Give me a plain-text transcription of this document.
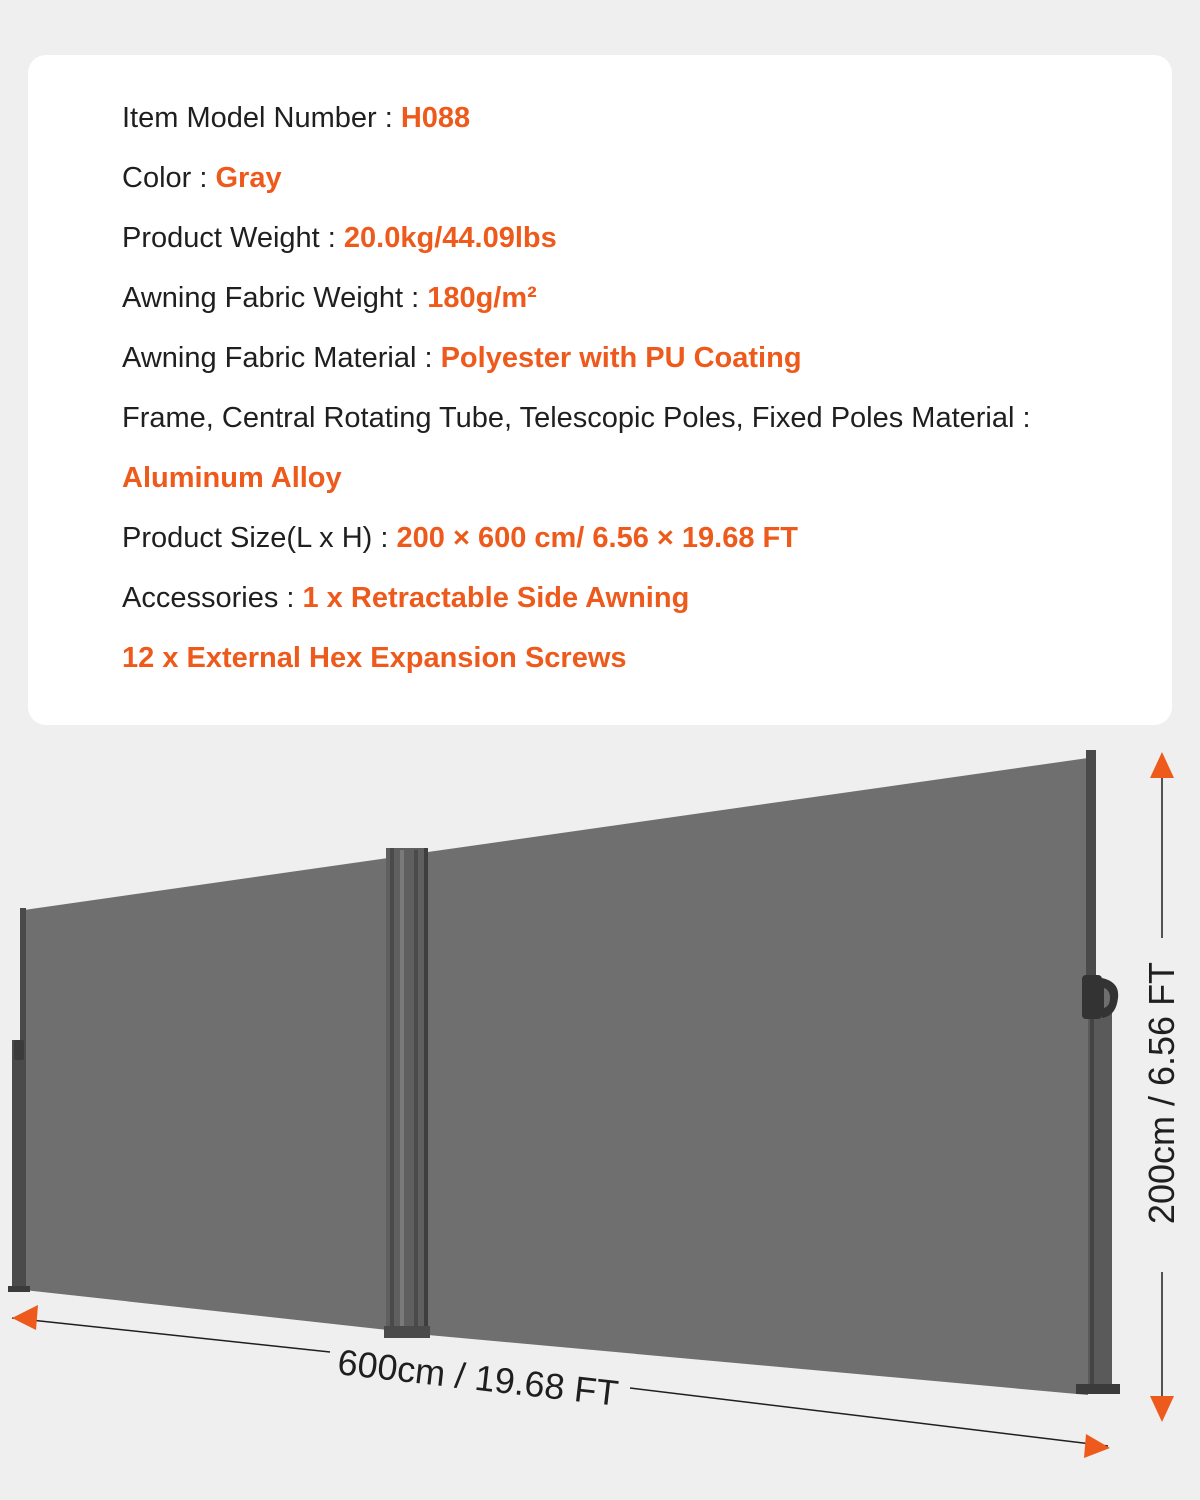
Item Model Number : H088
Color : Gray
Product Weight : 20.0kg/44.09lbs
Awning Fabric Weight : 180g/m²
Awning Fabric Material : Polyester with PU Coating
Frame, Central Rotating Tube, Telescopic Poles, Fixed Poles Material :
Aluminum Alloy
Product Size(L x H) : 200 × 600 cm/ 6.56 × 19.68 FT
Accessories : 1 x Retractable Side Awning
12 x External Hex Expansion Screws
600cm / 19.68 FT
200cm / 6.56 FT
